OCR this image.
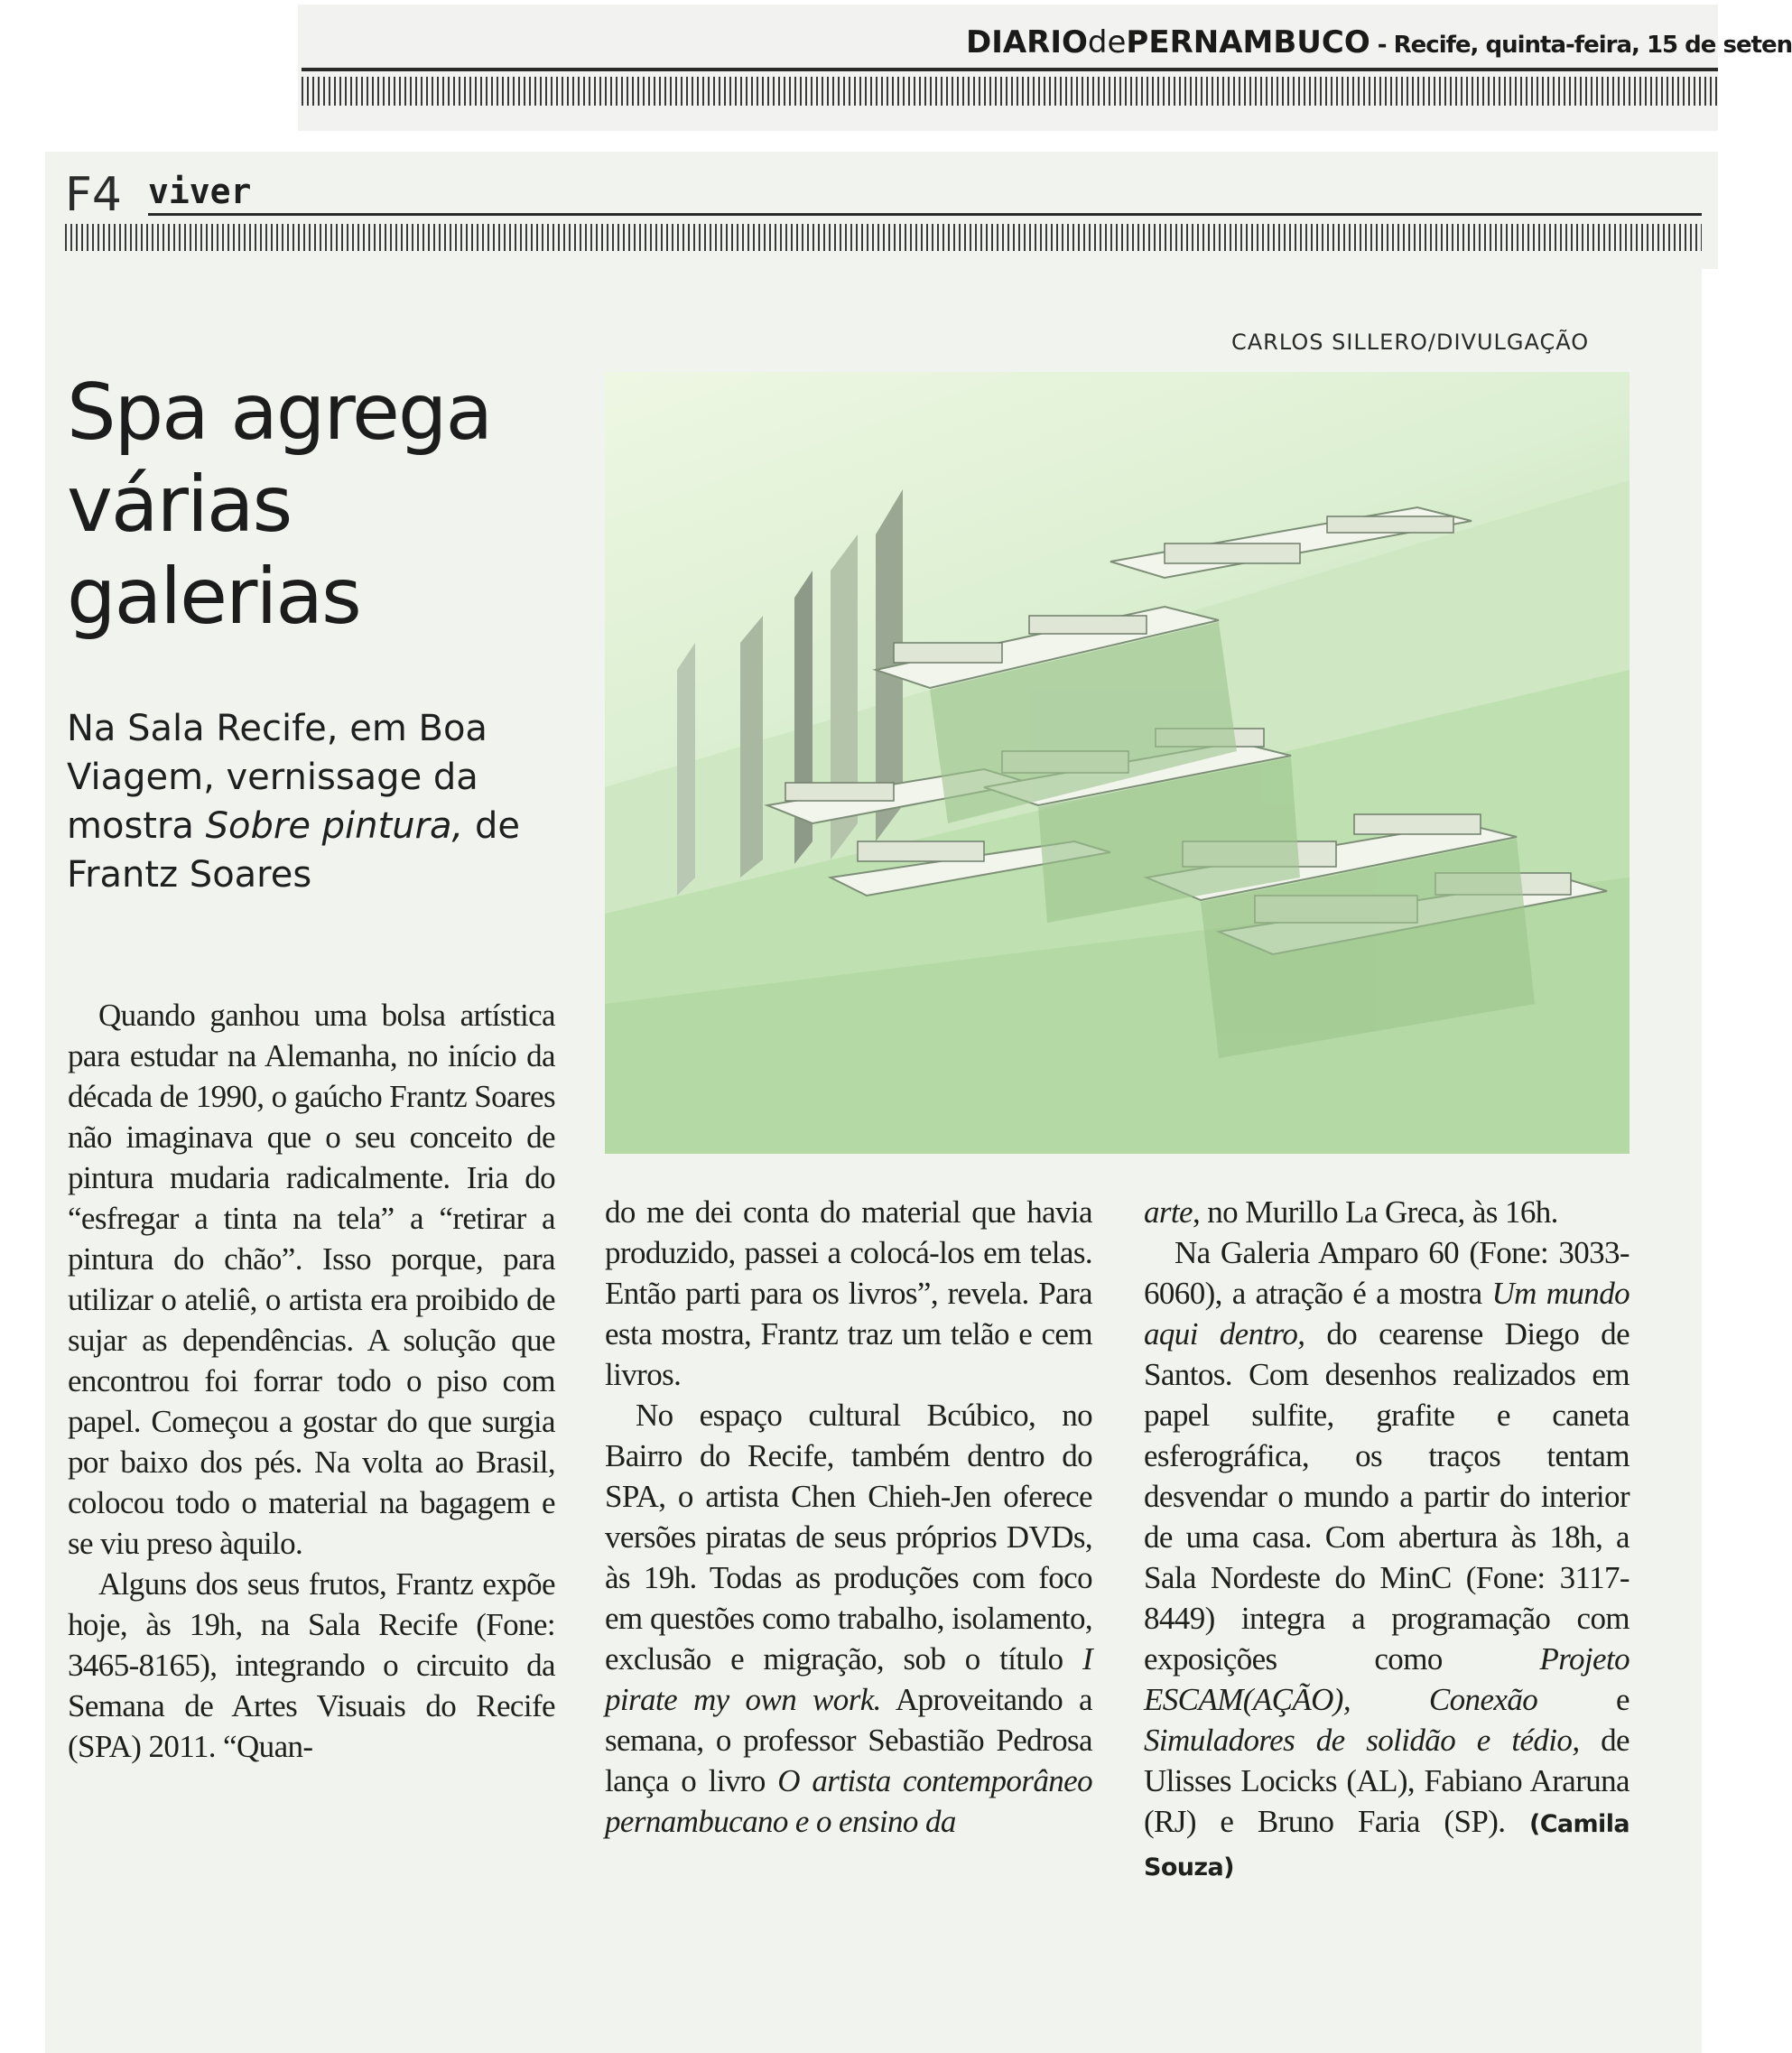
DIARIOdePERNAMBUCO - Recife, quinta-feira, 15 de seten
F4 viver
Spa agrega várias galerias
Na Sala Recife, em Boa Viagem, vernissage da mostra Sobre pintura, de Frantz Soares
CARLOS SILLERO/DIVULGAÇÃO

Quando ganhou uma bolsa artística para estudar na Alemanha, no início da década de 1990, o gaúcho Frantz Soares não imaginava que o seu conceito de pintura mudaria radicalmente. Iria do “esfregar a tinta na tela” a “retirar a pintura do chão”. Isso porque, para utilizar o ateliê, o artista era proibido de sujar as dependências. A solução que encontrou foi forrar todo o piso com papel. Começou a gostar do que surgia por baixo dos pés. Na volta ao Brasil, colocou todo o material na bagagem e se viu preso àquilo.

Alguns dos seus frutos, Frantz expõe hoje, às 19h, na Sala Recife (Fone: 3465-8165), integrando o circuito da Semana de Artes Visuais do Recife (SPA) 2011. “Quan-

do me dei conta do material que havia produzido, passei a colocá-los em telas. Então parti para os livros”, revela. Para esta mostra, Frantz traz um telão e cem livros.

No espaço cultural Bcúbico, no Bairro do Recife, também dentro do SPA, o artista Chen Chieh-Jen oferece versões piratas de seus próprios DVDs, às 19h. Todas as produções com foco em questões como trabalho, isolamento, exclusão e migração, sob o título I pirate my own work. Aproveitando a semana, o professor Sebastião Pedrosa lança o livro O artista contemporâneo pernambucano e o ensino da

arte, no Murillo La Greca, às 16h.

Na Galeria Amparo 60 (Fone: 3033-6060), a atração é a mostra Um mundo aqui dentro, do cearense Diego de Santos. Com desenhos realizados em papel sulfite, grafite e caneta esferográfica, os traços tentam desvendar o mundo a partir do interior de uma casa. Com abertura às 18h, a Sala Nordeste do MinC (Fone: 3117-8449) integra a programação com exposições como Projeto ESCAM(AÇÃO), Conexão e Simuladores de solidão e tédio, de Ulisses Locicks (AL), Fabiano Araruna (RJ) e Bruno Faria (SP). (Camila Souza)
